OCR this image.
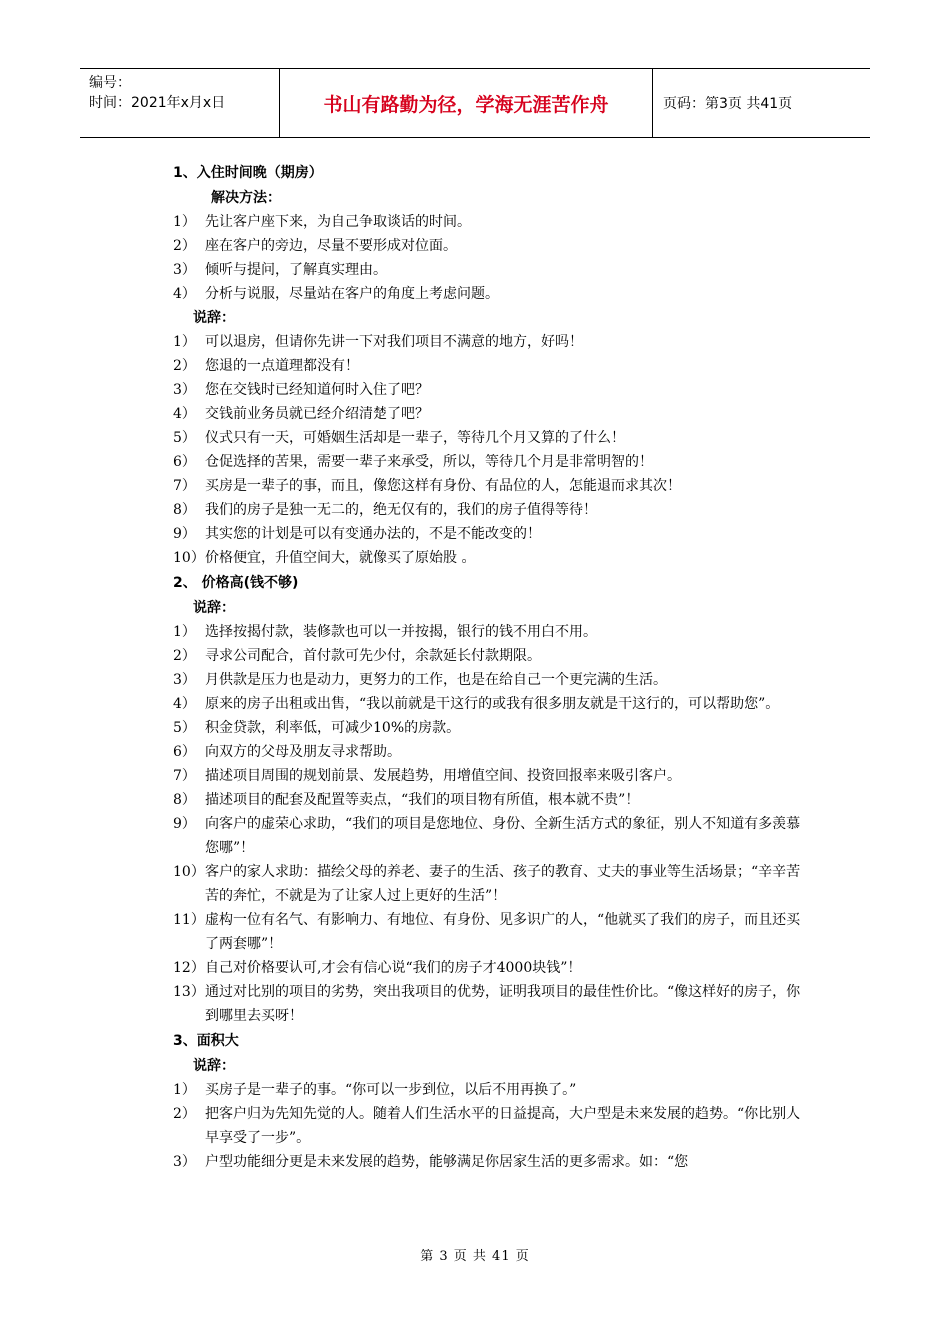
编号：
时间：2021年x月x日	书山有路勤为径，学海无涯苦作舟	页码：第3页 共41页
1、入住时间晚（期房）
解决方法：
1） 先让客户座下来，为自己争取谈话的时间。
2） 座在客户的旁边，尽量不要形成对位面。
3） 倾听与提问，了解真实理由。
4） 分析与说服，尽量站在客户的角度上考虑问题。
说辞：
1） 可以退房，但请你先讲一下对我们项目不满意的地方，好吗！
2） 您退的一点道理都没有！
3） 您在交钱时已经知道何时入住了吧？
4） 交钱前业务员就已经介绍清楚了吧？
5） 仪式只有一天，可婚姻生活却是一辈子，等待几个月又算的了什么！
6） 仓促选择的苦果，需要一辈子来承受，所以，等待几个月是非常明智的！
7） 买房是一辈子的事，而且，像您这样有身份、有品位的人，怎能退而求其次！
8） 我们的房子是独一无二的，绝无仅有的，我们的房子值得等待！
9） 其实您的计划是可以有变通办法的，不是不能改变的！
10） 价格便宜，升值空间大，就像买了原始股 。
2、 价格高(钱不够)
说辞：
1） 选择按揭付款，装修款也可以一并按揭，银行的钱不用白不用。
2） 寻求公司配合，首付款可先少付，余款延长付款期限。
3） 月供款是压力也是动力，更努力的工作，也是在给自己一个更完满的生活。
4） 原来的房子出租或出售，“我以前就是干这行的或我有很多朋友就是干这行的，可以帮助您”。
5） 积金贷款，利率低，可减少10%的房款。
6） 向双方的父母及朋友寻求帮助。
7） 描述项目周围的规划前景、发展趋势，用增值空间、投资回报率来吸引客户。
8） 描述项目的配套及配置等卖点，“我们的项目物有所值，根本就不贵”！
9） 向客户的虚荣心求助，“我们的项目是您地位、身份、全新生活方式的象征，别人不知道有多羡慕您哪”！
10） 客户的家人求助：描绘父母的养老、妻子的生活、孩子的教育、丈夫的事业等生活场景；“辛辛苦苦的奔忙，不就是为了让家人过上更好的生活”！
11） 虚构一位有名气、有影响力、有地位、有身份、见多识广的人，“他就买了我们的房子，而且还买了两套哪”！
12） 自己对价格要认可,才会有信心说“我们的房子才4000块钱”！
13） 通过对比别的项目的劣势，突出我项目的优势，证明我项目的最佳性价比。“像这样好的房子，你到哪里去买呀！
3、面积大
说辞：
1） 买房子是一辈子的事。“你可以一步到位，以后不用再换了。”
2） 把客户归为先知先觉的人。随着人们生活水平的日益提高，大户型是未来发展的趋势。“你比别人早享受了一步”。
3） 户型功能细分更是未来发展的趋势，能够满足你居家生活的更多需求。如：“您
第 3 页 共 41 页
